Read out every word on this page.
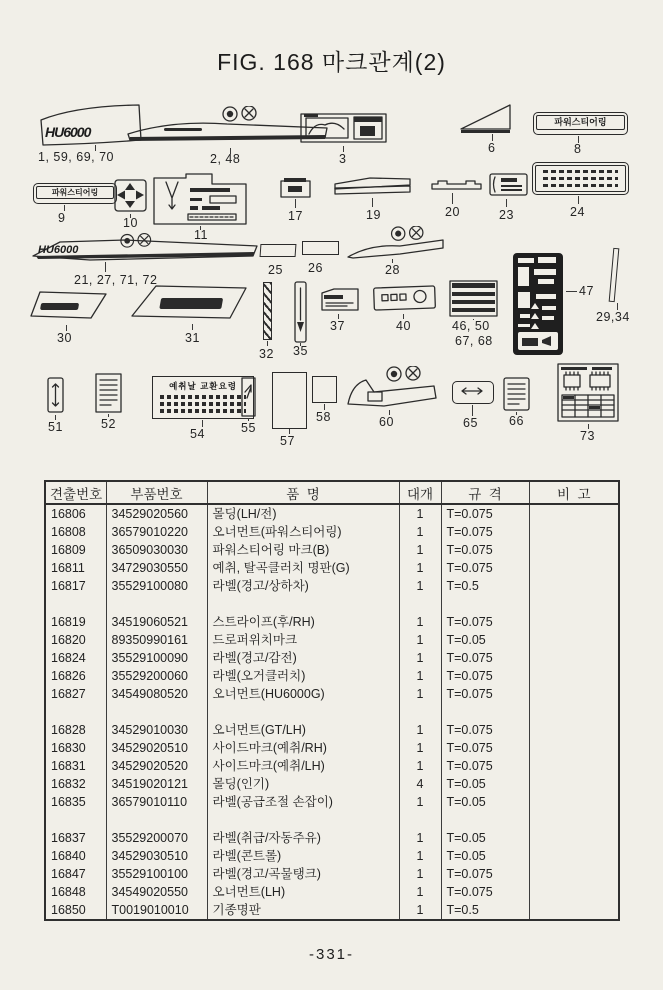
FIG. 168 마크관계(2)
HU6000
1, 59, 69, 70	2, 48	3
6
파워스티어링
8
파워스티어링
9	10
11
17	19	20	23	24
HU6000
21, 27, 71, 72
25 26	28
47
29,34
30	31
32 35
37	40	46, 50
67, 68
51	52
예취날 교환요령
54	55
57
58	60	65 66
73
견출번호	부품번호	품  명	대개	규  격	비  고
16806	34529020560	몰딩(LH/전)	1	T=0.075	
16808	36579010220	오너먼트(파워스티어링)	1	T=0.075	
16809	36509030030	파워스티어링 마크(B)	1	T=0.075	
16811	34729030550	예취, 탈곡클러치 명판(G)	1	T=0.075	
16817	35529100080	라벨(경고/상하차)	1	T=0.5	

16819	34519060521	스트라이프(후/RH)	1	T=0.075	
16820	89350990161	드로퍼위치마크	1	T=0.05	
16824	35529100090	라벨(경고/감전)	1	T=0.075	
16826	35529200060	라벨(오거클러치)	1	T=0.075	
16827	34549080520	오너먼트(HU6000G)	1	T=0.075	

16828	34529010030	오너먼트(GT/LH)	1	T=0.075	
16830	34529020510	사이드마크(예취/RH)	1	T=0.075	
16831	34529020520	사이드마크(예취/LH)	1	T=0.075	
16832	34519020121	몰딩(인기)	4	T=0.05	
16835	36579010110	라벨(공급조절 손잡이)	1	T=0.05	

16837	35529200070	라벨(취급/자동주유)	1	T=0.05	
16840	34529030510	라벨(콘트롤)	1	T=0.05	
16847	35529100100	라벨(경고/곡물탱크)	1	T=0.075	
16848	34549020550	오너먼트(LH)	1	T=0.075	
16850	T0019010010	기종명판	1	T=0.5	
-331-
